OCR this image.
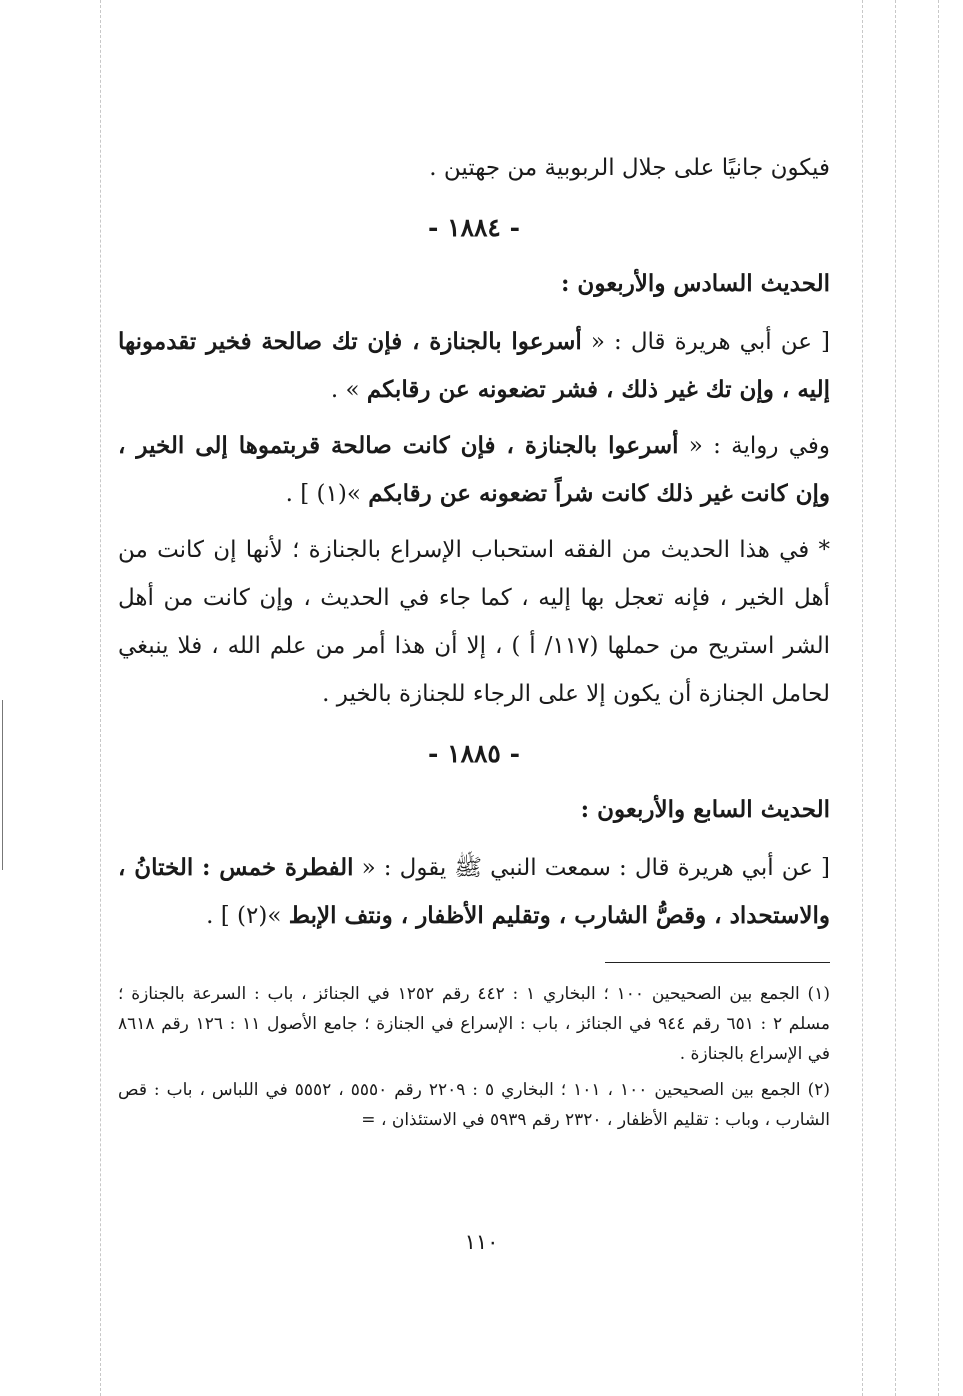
فيكون جانيًا على جلال الربوبية من جهتين .

- ١٨٨٤ -
الحديث السادس والأربعون :

[ عن أبي هريرة قال : « أسرعوا بالجنازة ، فإن تك صالحة فخير تقدمونها إليه ، وإن تك غير ذلك ، فشر تضعونه عن رقابكم » .

وفي رواية : « أسرعوا بالجنازة ، فإن كانت صالحة قربتموها إلى الخير ، وإن كانت غير ذلك كانت شراً تضعونه عن رقابكم »(١) ] .

* في هذا الحديث من الفقه استحباب الإسراع بالجنازة ؛ لأنها إن كانت من أهل الخير ، فإنه تعجل بها إليه ، كما جاء في الحديث ، وإن كانت من أهل الشر استريح من حملها (١١٧/ أ ) ، إلا أن هذا أمر من علم الله ، فلا ينبغي لحامل الجنازة أن يكون إلا على الرجاء للجنازة بالخير .

- ١٨٨٥ -
الحديث السابع والأربعون :

[ عن أبي هريرة قال : سمعت النبي ﷺ يقول : « الفطرة خمس : الختانُ ، والاستحداد ، وقصُّ الشارب ، وتقليم الأظفار ، ونتف الإبط »(٢) ] .

(١) الجمع بين الصحيحين ١٠٠ ؛ البخاري ١ : ٤٤٢ رقم ١٢٥٢ في الجنائز ، باب : السرعة بالجنازة ؛ مسلم ٢ : ٦٥١ رقم ٩٤٤ في الجنائز ، باب : الإسراع في الجنازة ؛ جامع الأصول ١١ : ١٢٦ رقم ٨٦١٨ في الإسراع بالجنازة .

(٢) الجمع بين الصحيحين ١٠٠ ، ١٠١ ؛ البخاري ٥ : ٢٢٠٩ رقم ٥٥٥٠ ، ٥٥٥٢ في اللباس ، باب : قص الشارب ، وباب : تقليم الأظفار ، ٢٣٢٠ رقم ٥٩٣٩ في الاستئذان ، =

١١٠
